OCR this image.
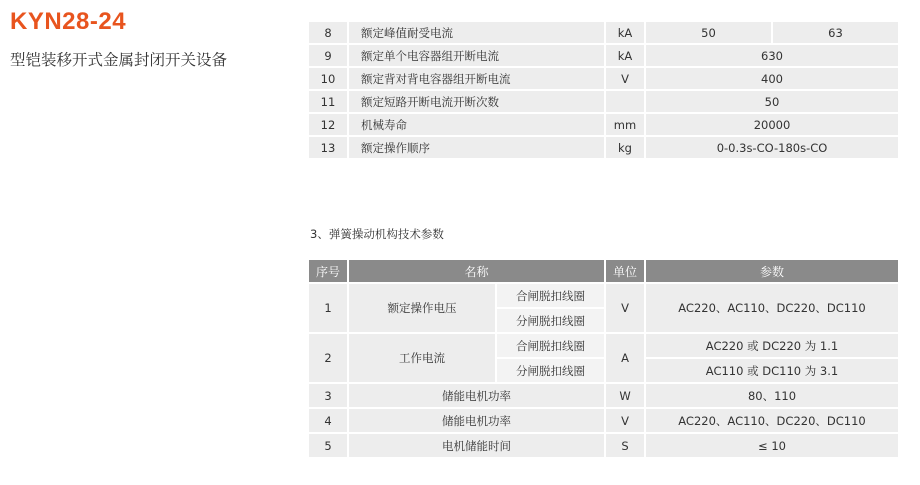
KYN28-24
型铠装移开式金属封闭开关设备
8	额定峰值耐受电流	kA	50	63
9	额定单个电容器组开断电流	kA	630	
10	额定背对背电容器组开断电流	V	400	
11	额定短路开断电流开断次数		50	
12	机械寿命	mm	20000	
13	额定操作顺序	kg	0-0.3s-CO-180s-CO	
3、弹簧操动机构技术参数
序号	名称		单位	参数
1	额定操作电压	合闸脱扣线圈	V	AC220、AC110、DC220、DC110
		分闸脱扣线圈		
2	工作电流	合闸脱扣线圈	A	AC220 或 DC220 为 1.1
		分闸脱扣线圈		AC110 或 DC110 为 3.1
3	储能电机功率		W	80、110
4	储能电机功率		V	AC220、AC110、DC220、DC110
5	电机储能时间		S	≤ 10
